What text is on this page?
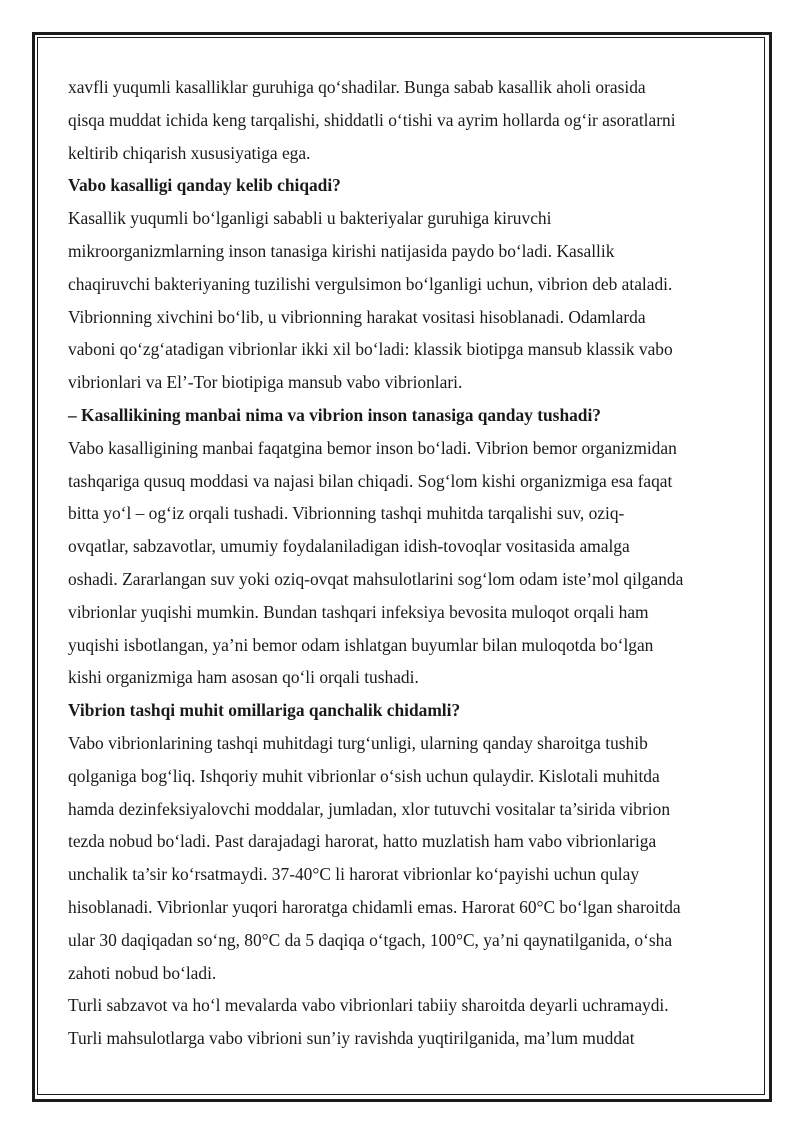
xavfli yuqumli kasalliklar guruhiga qo‘shadilar. Bunga sabab kasallik aholi orasida
qisqa muddat ichida keng tarqalishi, shiddatli o‘tishi va ayrim hollarda og‘ir asoratlarni
keltirib chiqarish xususiyatiga ega.
Vabo kasalligi qanday kelib chiqadi?
Kasallik yuqumli bo‘lganligi sababli u bakteriyalar guruhiga kiruvchi
mikroorganizmlarning inson tanasiga kirishi natijasida paydo bo‘ladi. Kasallik
chaqiruvchi bakteriyaning tuzilishi vergulsimon bo‘lganligi uchun, vibrion deb ataladi.
Vibrionning xivchini bo‘lib, u vibrionning harakat vositasi hisoblanadi. Odamlarda
vaboni qo‘zg‘atadigan vibrionlar ikki xil bo‘ladi: klassik biotipga mansub klassik vabo
vibrionlari va El’-Tor biotipiga mansub vabo vibrionlari.
– Kasallikining manbai nima va vibrion inson tanasiga qanday tushadi?
Vabo kasalligining manbai faqatgina bemor inson bo‘ladi. Vibrion bemor organizmidan
tashqariga qusuq moddasi va najasi bilan chiqadi. Sog‘lom kishi organizmiga esa faqat
bitta yo‘l – og‘iz orqali tushadi. Vibrionning tashqi muhitda tarqalishi suv, oziq-
ovqatlar, sabzavotlar, umumiy foydalaniladigan idish-tovoqlar vositasida amalga
oshadi. Zararlangan suv yoki oziq-ovqat mahsulotlarini sog‘lom odam iste’mol qilganda
vibrionlar yuqishi mumkin. Bundan tashqari infeksiya bevosita muloqot orqali ham
yuqishi isbotlangan, ya’ni bemor odam ishlatgan buyumlar bilan muloqotda bo‘lgan
kishi organizmiga ham asosan qo‘li orqali tushadi.
Vibrion tashqi muhit omillariga qanchalik chidamli?
Vabo vibrionlarining tashqi muhitdagi turg‘unligi, ularning qanday sharoitga tushib
qolganiga bog‘liq. Ishqoriy muhit vibrionlar o‘sish uchun qulaydir. Kislotali muhitda
hamda dezinfeksiyalovchi moddalar, jumladan, xlor tutuvchi vositalar ta’sirida vibrion
tezda nobud bo‘ladi. Past darajadagi harorat, hatto muzlatish ham vabo vibrionlariga
unchalik ta’sir ko‘rsatmaydi. 37-40°C li harorat vibrionlar ko‘payishi uchun qulay
hisoblanadi. Vibrionlar yuqori haroratga chidamli emas. Harorat 60°C bo‘lgan sharoitda
ular 30 daqiqadan so‘ng, 80°C da 5 daqiqa o‘tgach, 100°C, ya’ni qaynatilganida, o‘sha
zahoti nobud bo‘ladi.
Turli sabzavot va ho‘l mevalarda vabo vibrionlari tabiiy sharoitda deyarli uchramaydi.
Turli mahsulotlarga vabo vibrioni sun’iy ravishda yuqtirilganida, ma’lum muddat
